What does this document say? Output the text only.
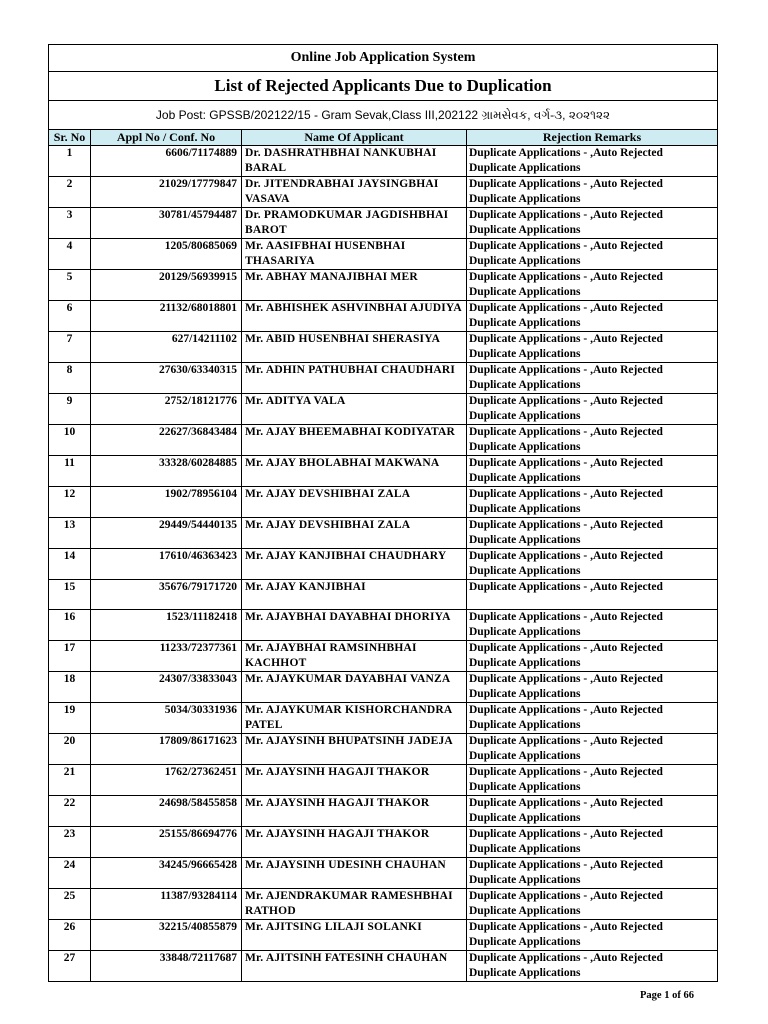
Online Job Application System			
List of Rejected Applicants Due to Duplication			
Job Post: GPSSB/202122/15 - Gram Sevak,Class III,202122 ગ્રામસેવક, વર્ગ-૩, ૨૦૨૧૨૨			
Sr. No	Appl No / Conf. No	Name Of Applicant	Rejection Remarks
1	6606/71174889	Dr. DASHRATHBHAI NANKUBHAI BARAL	Duplicate Applications - ,Auto Rejected
Duplicate Applications

2	21029/17779847	Dr. JITENDRABHAI JAYSINGBHAI VASAVA	Duplicate Applications - ,Auto Rejected
Duplicate Applications

3	30781/45794487	Dr. PRAMODKUMAR JAGDISHBHAI BAROT	Duplicate Applications - ,Auto Rejected
Duplicate Applications

4	1205/80685069	Mr. AASIFBHAI HUSENBHAI THASARIYA	Duplicate Applications - ,Auto Rejected
Duplicate Applications

5	20129/56939915	Mr. ABHAY MANAJIBHAI MER	Duplicate Applications - ,Auto Rejected
Duplicate Applications

6	21132/68018801	Mr. ABHISHEK ASHVINBHAI AJUDIYA	Duplicate Applications - ,Auto Rejected
Duplicate Applications

7	627/14211102	Mr. ABID HUSENBHAI SHERASIYA	Duplicate Applications - ,Auto Rejected
Duplicate Applications

8	27630/63340315	Mr. ADHIN PATHUBHAI CHAUDHARI	Duplicate Applications - ,Auto Rejected
Duplicate Applications

9	2752/18121776	Mr. ADITYA VALA	Duplicate Applications - ,Auto Rejected
Duplicate Applications

10	22627/36843484	Mr. AJAY BHEEMABHAI KODIYATAR	Duplicate Applications - ,Auto Rejected
Duplicate Applications

11	33328/60284885	Mr. AJAY BHOLABHAI MAKWANA	Duplicate Applications - ,Auto Rejected
Duplicate Applications

12	1902/78956104	Mr. AJAY DEVSHIBHAI ZALA	Duplicate Applications - ,Auto Rejected
Duplicate Applications

13	29449/54440135	Mr. AJAY DEVSHIBHAI ZALA	Duplicate Applications - ,Auto Rejected
Duplicate Applications

14	17610/46363423	Mr. AJAY KANJIBHAI CHAUDHARY	Duplicate Applications - ,Auto Rejected
Duplicate Applications

15	35676/79171720	Mr. AJAY KANJIBHAI	Duplicate Applications - ,Auto Rejected

16	1523/11182418	Mr. AJAYBHAI DAYABHAI DHORIYA	Duplicate Applications - ,Auto Rejected
Duplicate Applications

17	11233/72377361	Mr. AJAYBHAI RAMSINHBHAI KACHHOT	Duplicate Applications - ,Auto Rejected
Duplicate Applications

18	24307/33833043	Mr. AJAYKUMAR DAYABHAI VANZA	Duplicate Applications - ,Auto Rejected
Duplicate Applications

19	5034/30331936	Mr. AJAYKUMAR KISHORCHANDRA PATEL	Duplicate Applications - ,Auto Rejected
Duplicate Applications

20	17809/86171623	Mr. AJAYSINH BHUPATSINH JADEJA	Duplicate Applications - ,Auto Rejected
Duplicate Applications

21	1762/27362451	Mr. AJAYSINH HAGAJI THAKOR	Duplicate Applications - ,Auto Rejected
Duplicate Applications

22	24698/58455858	Mr. AJAYSINH HAGAJI THAKOR	Duplicate Applications - ,Auto Rejected
Duplicate Applications

23	25155/86694776	Mr. AJAYSINH HAGAJI THAKOR	Duplicate Applications - ,Auto Rejected
Duplicate Applications

24	34245/96665428	Mr. AJAYSINH UDESINH CHAUHAN	Duplicate Applications - ,Auto Rejected
Duplicate Applications

25	11387/93284114	Mr. AJENDRAKUMAR RAMESHBHAI RATHOD	Duplicate Applications - ,Auto Rejected
Duplicate Applications

26	32215/40855879	Mr. AJITSING LILAJI SOLANKI	Duplicate Applications - ,Auto Rejected
Duplicate Applications

27	33848/72117687	Mr. AJITSINH FATESINH CHAUHAN	Duplicate Applications - ,Auto Rejected
Duplicate Applications
Page 1 of 66
